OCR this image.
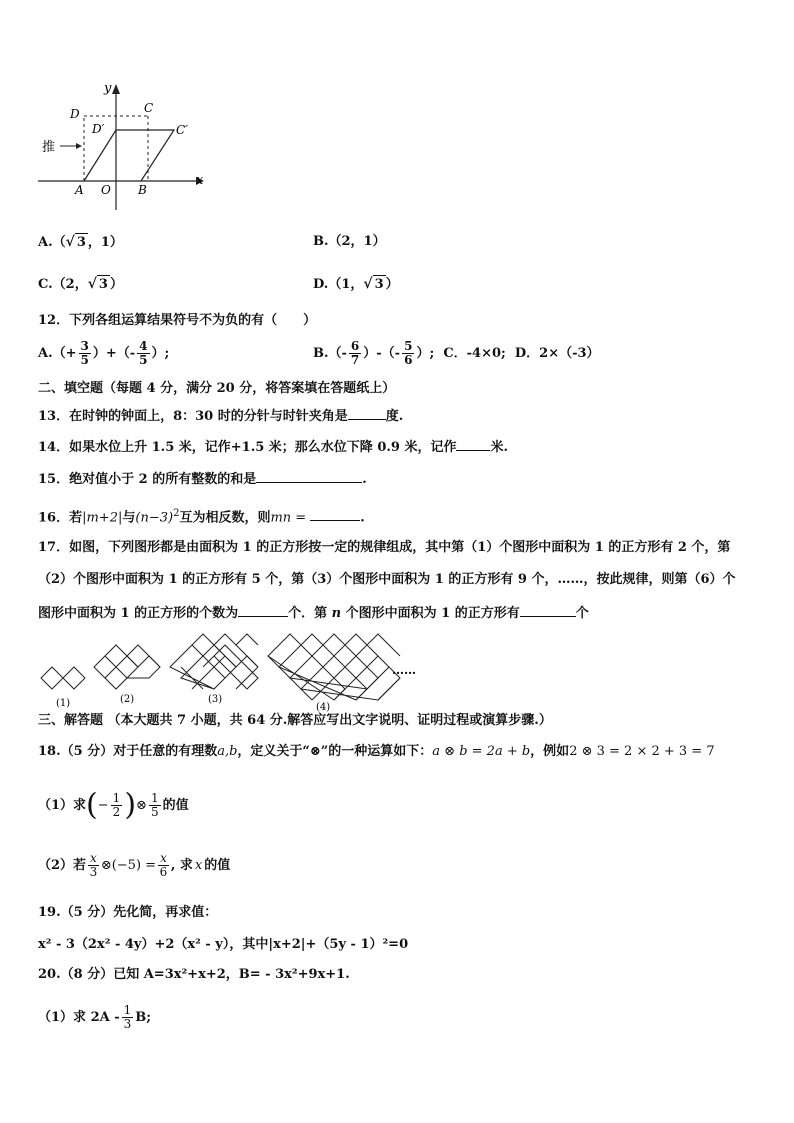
推
y
x
D	C
D′	C′
A O B
A.（√ 3 ，1）	B.（2，1）
C.（2，√ 3 ）	D.（1，√ 3 ）
12．下列各组运算结果符号不为负的有（　　）
$A.(+ \frac{3}{5}$ ）+（- $\frac{4}{5}$ ）;	$B.(- \frac{6}{7}$ ）-（- $\frac{5}{6}$ ）; C．-4×0; D．2×（-3）
二、填空题（每题 4 分，满分 20 分，将答案填在答题纸上）
13．在时钟的钟面上，8：30 时的分针与时针夹角是	度.
14．如果水位上升 1.5 米，记作+1.5 米；那么水位下降 0.9 米，记作	米.
15．绝对值小于 2 的所有整数的和是	.
16．若|m+2|与$(n-3)^2$互为相反数，则mn =	.
17．如图，下列图形都是由面积为 1 的正方形按一定的规律组成，其中第（1）个图形中面积为 1 的正方形有 2 个，第
（2）个图形中面积为 1 的正方形有 5 个，第（3）个图形中面积为 1 的正方形有 9 个，……，按此规律，则第（6）个
图形中面积为 1 的正方形的个数为	个．第 n 个图形中面积为 1 的正方形有	个
……
(1)	(2)	(3)
(4)
三、解答题 （本大题共 7 小题，共 64 分.解答应写出文字说明、证明过程或演算步骤.）
18.（5 分）对于任意的有理数a,b，定义关于“⊗”的一种运算如下：a ⊗ b = 2a + b，例如2 ⊗ 3 = 2 × 2 + 3 = 7
（1）求(− $\frac{1}{2}$ )⊗ $\frac{1}{5}$ 的值
（2）若 $\frac{x}{3}$ ⊗(−5) = $\frac{x}{6}$ , 求 x 的值
19.（5 分）先化简，再求值：
x² - 3（2x² - 4y）+2（x² - y），其中|x+2|+（5y - 1）²=0
20.（8 分）已知 A=3x²+x+2，B= - 3x²+9x+1.
（1）求 $2A - \frac{1}{3} B$;
